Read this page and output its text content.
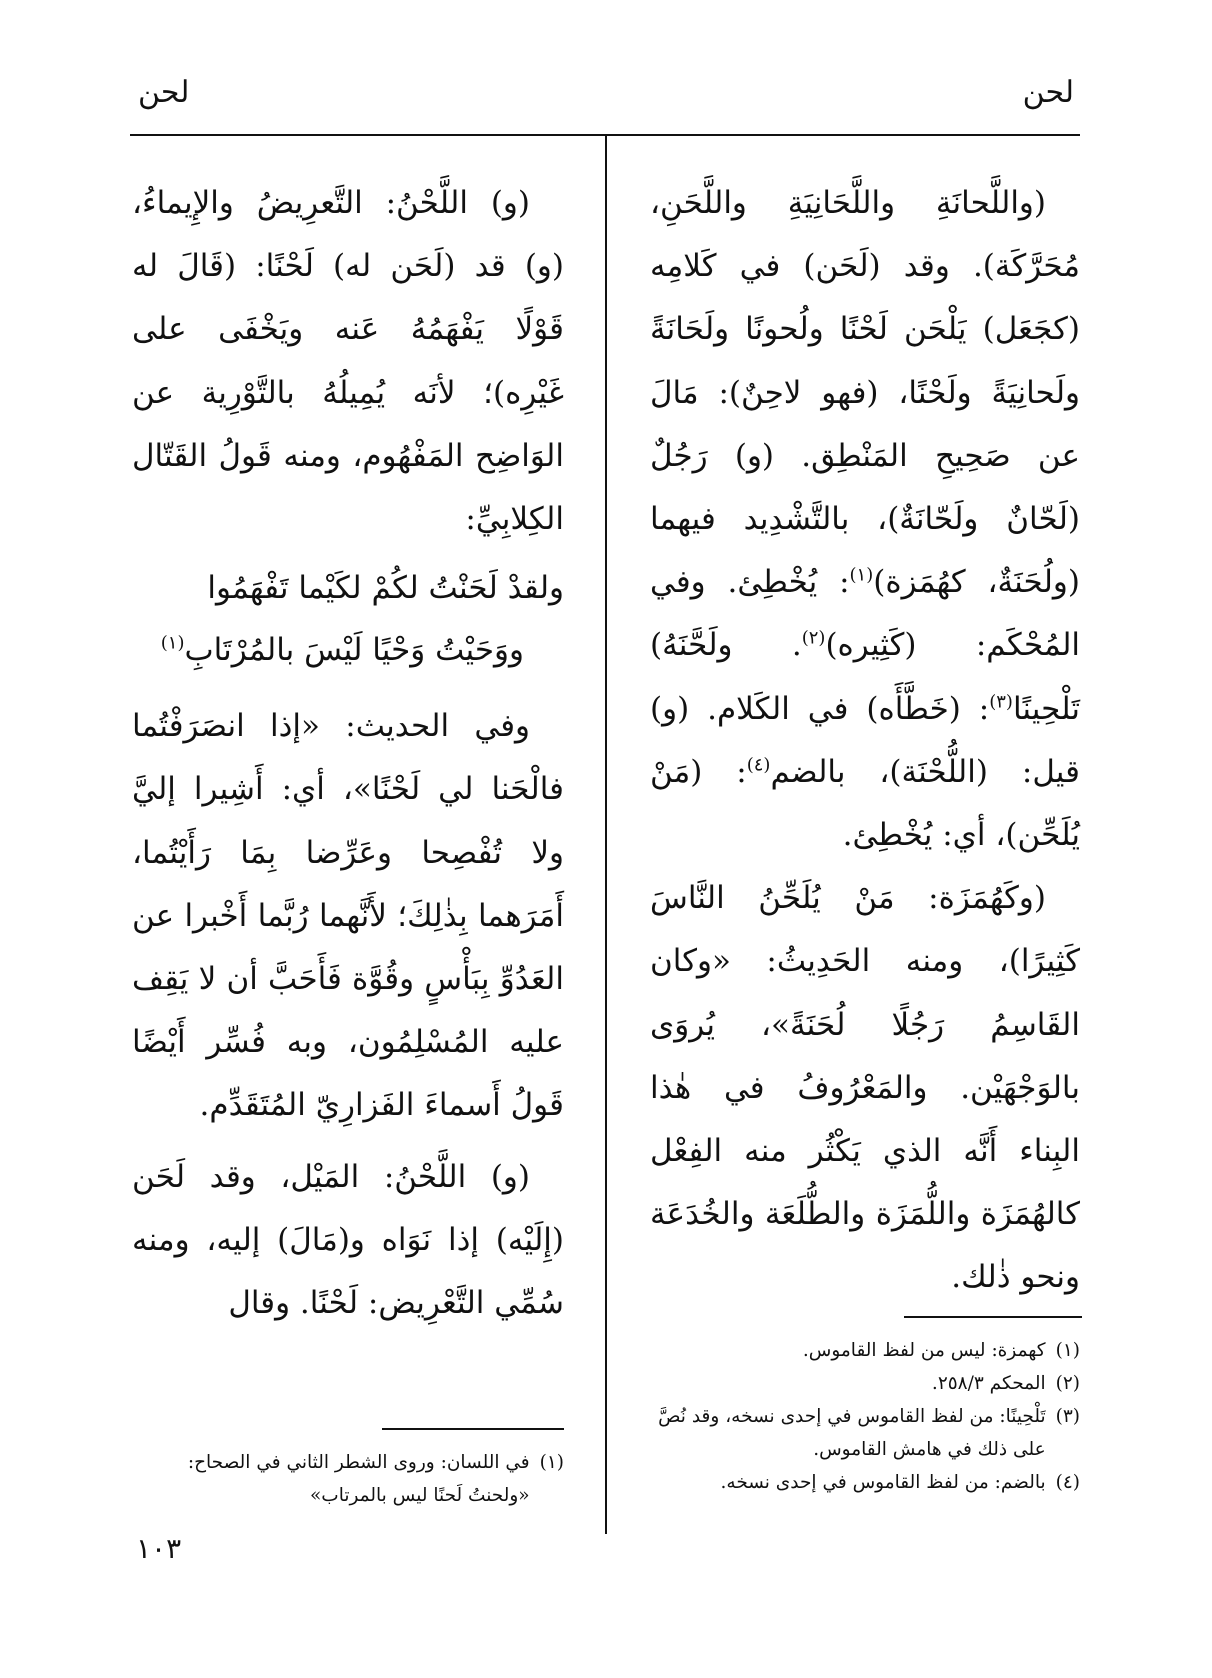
لحن
لحن

(واللَّحانَةِ واللَّحَانِيَةِ واللَّحَنِ، مُحَرَّكَة). وقد (لَحَن) في كَلامِه (كجَعَل) يَلْحَن لَحْنًا ولُحونًا ولَحَانَةً ولَحانِيَةً ولَحْنًا، (فهو لاحِنٌ): مَالَ عن صَحِيحِ المَنْطِق. (و) رَجُلٌ (لَحّانٌ ولَحّانَةٌ)، بالتَّشْدِيد فيهما (ولُحَنَةٌ، كهُمَزة)$^{(١)}$: يُخْطِئ. وفي المُحْكَم: (كَثِيره)$^{(٢)}$. ولَحَّنَهُ) تَلْحِينًا$^{(٣)}$: (خَطَّأَه) في الكَلام. (و) قيل: (اللُّحْنَة)، بالضم$^{(٤)}$: (مَنْ يُلَحِّن)، أي: يُخْطِئ.

(وكَهُمَزَة: مَنْ يُلَحِّنُ النَّاسَ كَثِيرًا)، ومنه الحَدِيثُ: «وكان القَاسِمُ رَجُلًا لُحَنَةً»، يُروَى بالوَجْهَيْن. والمَعْرُوفُ في هٰذا البِناء أَنَّه الذي يَكْثُر منه الفِعْل كالهُمَزَة واللُّمَزَة والطُّلَعَة والخُدَعَة ونحو ذٰلك.

(و) اللَّحْنُ: التَّعرِيضُ والإِيماءُ، (و) قد (لَحَن له) لَحْنًا: (قَالَ له قَوْلًا يَفْهَمُهُ عَنه ويَخْفَى على غَيْرِه)؛ لأنَه يُمِيلُهُ بالتَّوْرِية عن الوَاضِح المَفْهُوم، ومنه قَولُ القَتّال الكِلابِيِّ:

ولقدْ لَحَنْتُ لكُمْ لكَيْما تَفْهَمُوا
ووَحَيْتُ وَحْيًا لَيْسَ بالمُرْتَابِ$^{(١)}$

وفي الحديث: «إذا انصَرَفْتُما فالْحَنا لي لَحْنًا»، أي: أَشِيرا إليَّ ولا تُفْصِحا وعَرِّضا بِمَا رَأَيْتُما، أَمَرَهما بِذٰلِكَ؛ لأَنَّهما رُبَّما أَخْبرا عن العَدُوِّ بِبَأْسٍ وقُوَّة فَأَحَبَّ أن لا يَقِف عليه المُسْلِمُون، وبه فُسِّر أَيْضًا قَولُ أَسماءَ الفَزارِيّ المُتَقَدِّم.

(و) اللَّحْنُ: المَيْل، وقد لَحَن (إِلَيْه) إذا نَوَاه و(مَالَ) إليه، ومنه سُمِّي التَّعْرِيض: لَحْنًا. وقال

(١)
كهمزة: ليس من لفظ القاموس.
(٢)
المحكم ٢٥٨/٣.
(٣)
تَلْحِينًا: من لفظ القاموس في إحدى نسخه، وقد نُصَّ على ذلك في هامش القاموس.
(٤)
بالضم: من لفظ القاموس في إحدى نسخه.
(١)
في اللسان: وروى الشطر الثاني في الصحاح: «ولحنتُ لَحنًا ليس بالمرتاب»
١٠٣
